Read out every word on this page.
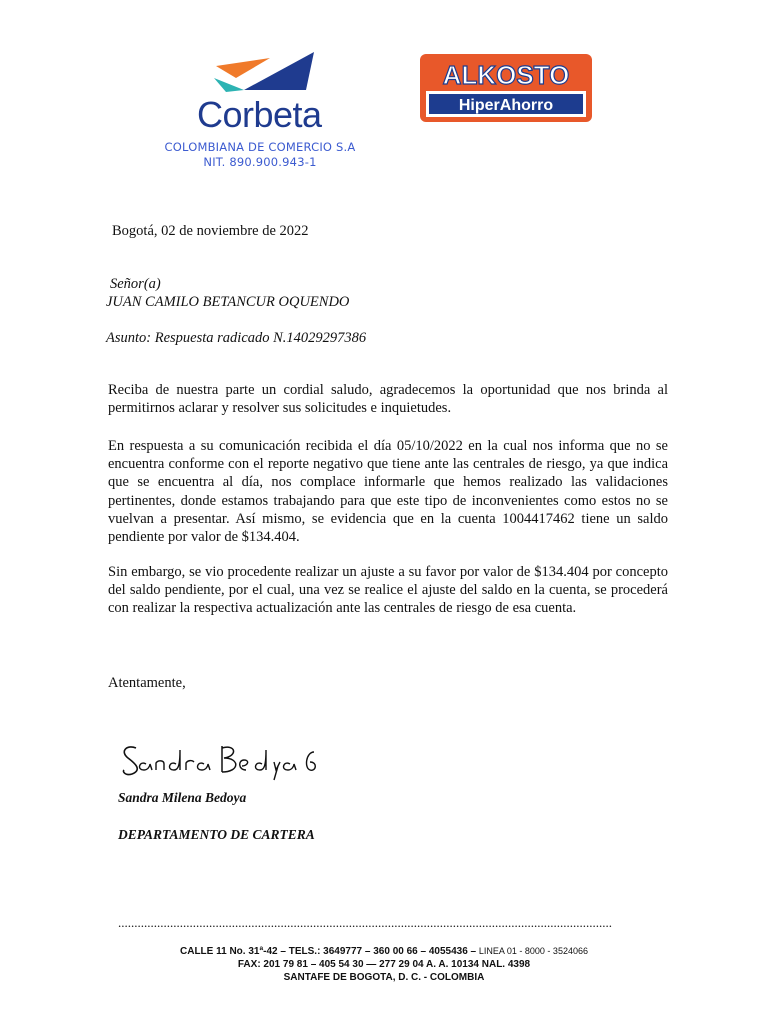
Corbeta
COLOMBIANA DE COMERCIO S.A
NIT. 890.900.943-1
ALKOSTO
HiperAhorro
Bogotá, 02 de noviembre de 2022
Señor(a)
JUAN CAMILO BETANCUR OQUENDO
Asunto: Respuesta radicado N.14029297386
Reciba de nuestra parte un cordial saludo, agradecemos la oportunidad que nos brinda al permitirnos aclarar y resolver sus solicitudes e inquietudes.
En respuesta a su comunicación recibida el día 05/10/2022 en la cual nos informa que no se encuentra conforme con el reporte negativo que tiene ante las centrales de riesgo, ya que indica que se encuentra al día, nos complace informarle que hemos realizado las validaciones pertinentes, donde estamos trabajando para que este tipo de inconvenientes como estos no se vuelvan a presentar. Así mismo, se evidencia que en la cuenta 1004417462 tiene un saldo pendiente por valor de $134.404.
Sin embargo, se vio procedente realizar un ajuste a su favor por valor de $134.404 por concepto del saldo pendiente, por el cual, una vez se realice el ajuste del saldo en la cuenta, se procederá con realizar la respectiva actualización ante las centrales de riesgo de esa cuenta.
Atentamente,
Sandra Milena Bedoya
DEPARTAMENTO DE CARTERA
........................................................................................................................................................
CALLE 11 No. 31ª-42 – TELS.: 3649777 – 360 00 66 – 4055436 – LINEA 01 - 8000 - 3524066
FAX: 201 79 81 – 405 54 30 — 277 29 04 A. A. 10134 NAL. 4398
SANTAFE DE BOGOTA, D. C. - COLOMBIA
